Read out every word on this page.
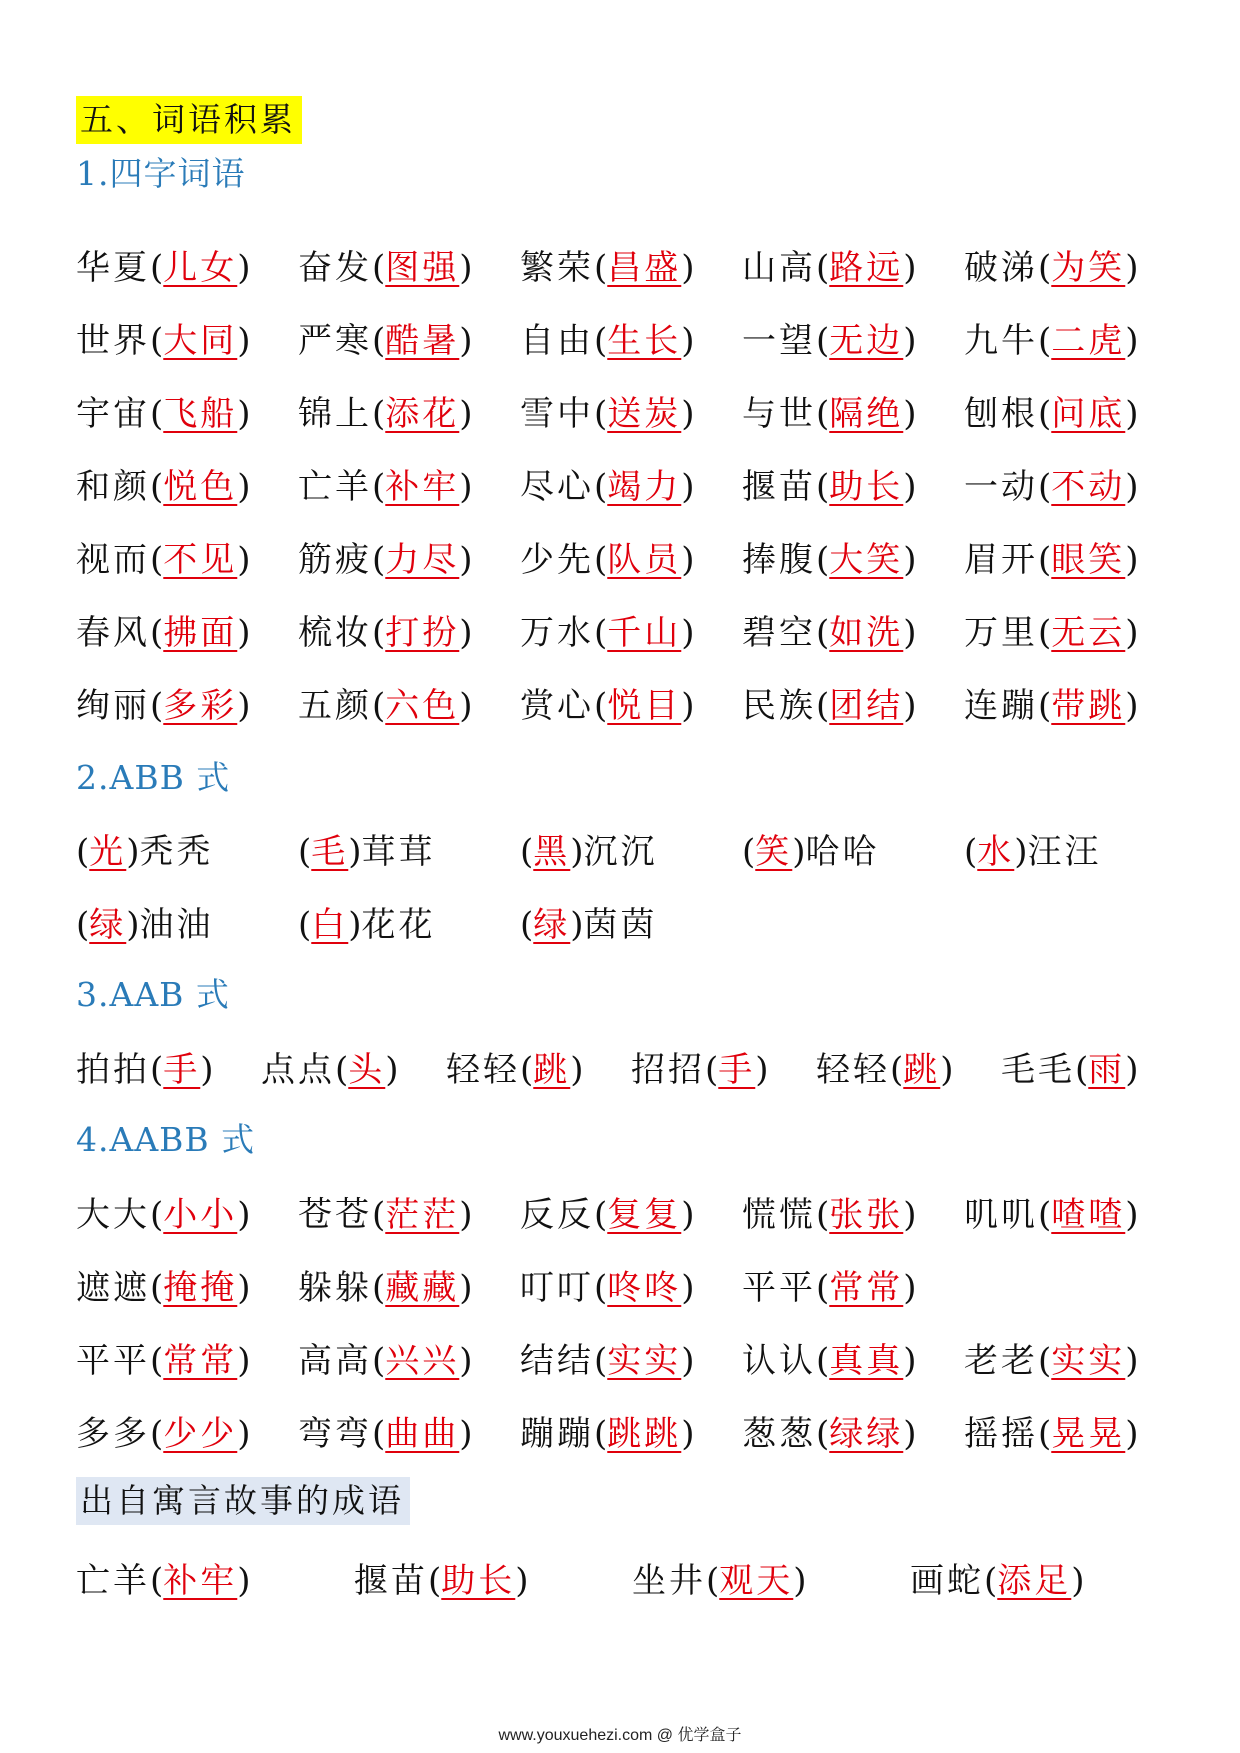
五、词语积累
1.四字词语
华夏(儿女) 奋发(图强) 繁荣(昌盛) 山高(路远) 破涕(为笑)
世界(大同) 严寒(酷暑) 自由(生长) 一望(无边) 九牛(二虎)
宇宙(飞船) 锦上(添花) 雪中(送炭) 与世(隔绝) 刨根(问底)
和颜(悦色) 亡羊(补牢) 尽心(竭力) 揠苗(助长) 一动(不动)
视而(不见) 筋疲(力尽) 少先(队员) 捧腹(大笑) 眉开(眼笑)
春风(拂面) 梳妆(打扮) 万水(千山) 碧空(如洗) 万里(无云)
绚丽(多彩) 五颜(六色) 赏心(悦目) 民族(团结) 连蹦(带跳)
2.ABB 式
(光)秃秃 (毛)茸茸 (黑)沉沉 (笑)哈哈 (水)汪汪
(绿)油油 (白)花花 (绿)茵茵
3.AAB 式
拍拍(手) 点点(头) 轻轻(跳) 招招(手) 轻轻(跳) 毛毛(雨)
4.AABB 式
大大(小小) 苍苍(茫茫) 反反(复复) 慌慌(张张) 叽叽(喳喳)
遮遮(掩掩) 躲躲(藏藏) 叮叮(咚咚) 平平(常常)
平平(常常) 高高(兴兴) 结结(实实) 认认(真真) 老老(实实)
多多(少少) 弯弯(曲曲) 蹦蹦(跳跳) 葱葱(绿绿) 摇摇(晃晃)
出自寓言故事的成语
亡羊(补牢)	揠苗(助长)	坐井(观天)	画蛇(添足)
www.youxuehezi.com @ 优学盒子
